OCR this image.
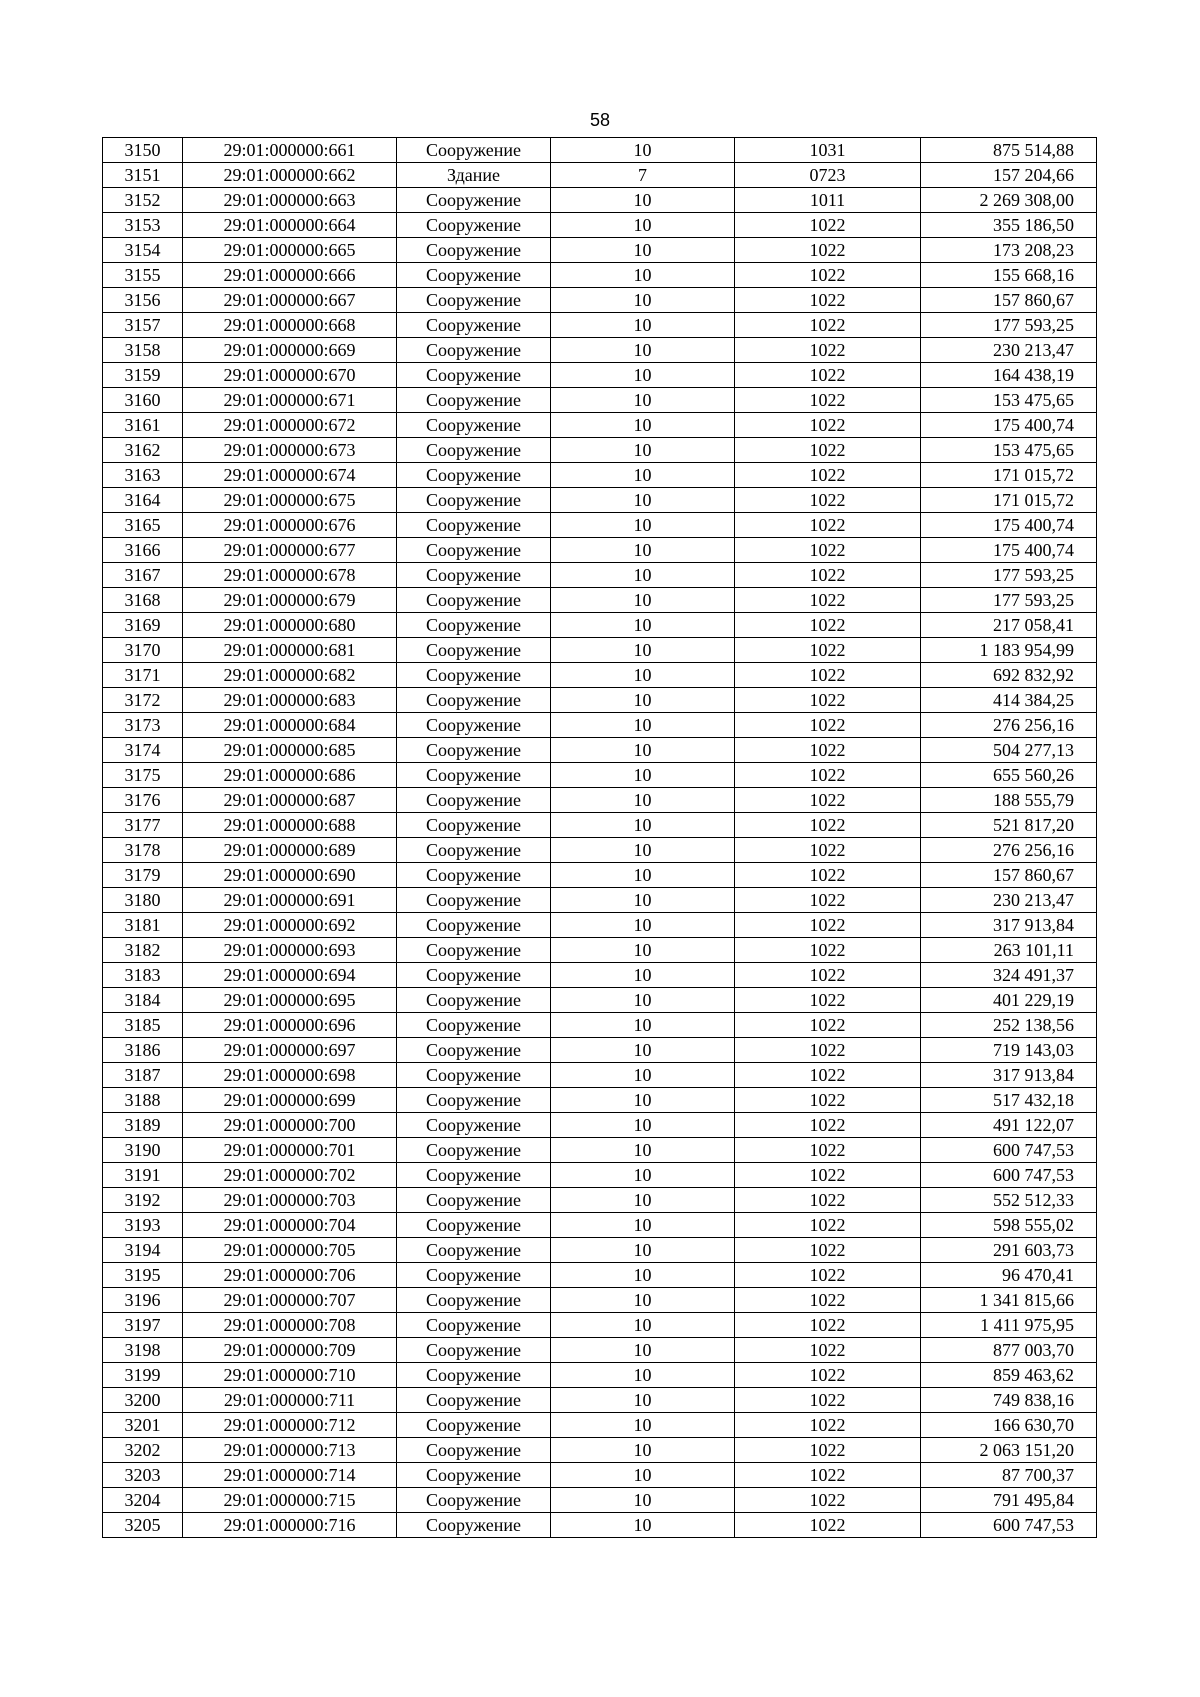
58
3150	29:01:000000:661	Сооружение	10	1031	875 514,88
3151	29:01:000000:662	Здание	7	0723	157 204,66
3152	29:01:000000:663	Сооружение	10	1011	2 269 308,00
3153	29:01:000000:664	Сооружение	10	1022	355 186,50
3154	29:01:000000:665	Сооружение	10	1022	173 208,23
3155	29:01:000000:666	Сооружение	10	1022	155 668,16
3156	29:01:000000:667	Сооружение	10	1022	157 860,67
3157	29:01:000000:668	Сооружение	10	1022	177 593,25
3158	29:01:000000:669	Сооружение	10	1022	230 213,47
3159	29:01:000000:670	Сооружение	10	1022	164 438,19
3160	29:01:000000:671	Сооружение	10	1022	153 475,65
3161	29:01:000000:672	Сооружение	10	1022	175 400,74
3162	29:01:000000:673	Сооружение	10	1022	153 475,65
3163	29:01:000000:674	Сооружение	10	1022	171 015,72
3164	29:01:000000:675	Сооружение	10	1022	171 015,72
3165	29:01:000000:676	Сооружение	10	1022	175 400,74
3166	29:01:000000:677	Сооружение	10	1022	175 400,74
3167	29:01:000000:678	Сооружение	10	1022	177 593,25
3168	29:01:000000:679	Сооружение	10	1022	177 593,25
3169	29:01:000000:680	Сооружение	10	1022	217 058,41
3170	29:01:000000:681	Сооружение	10	1022	1 183 954,99
3171	29:01:000000:682	Сооружение	10	1022	692 832,92
3172	29:01:000000:683	Сооружение	10	1022	414 384,25
3173	29:01:000000:684	Сооружение	10	1022	276 256,16
3174	29:01:000000:685	Сооружение	10	1022	504 277,13
3175	29:01:000000:686	Сооружение	10	1022	655 560,26
3176	29:01:000000:687	Сооружение	10	1022	188 555,79
3177	29:01:000000:688	Сооружение	10	1022	521 817,20
3178	29:01:000000:689	Сооружение	10	1022	276 256,16
3179	29:01:000000:690	Сооружение	10	1022	157 860,67
3180	29:01:000000:691	Сооружение	10	1022	230 213,47
3181	29:01:000000:692	Сооружение	10	1022	317 913,84
3182	29:01:000000:693	Сооружение	10	1022	263 101,11
3183	29:01:000000:694	Сооружение	10	1022	324 491,37
3184	29:01:000000:695	Сооружение	10	1022	401 229,19
3185	29:01:000000:696	Сооружение	10	1022	252 138,56
3186	29:01:000000:697	Сооружение	10	1022	719 143,03
3187	29:01:000000:698	Сооружение	10	1022	317 913,84
3188	29:01:000000:699	Сооружение	10	1022	517 432,18
3189	29:01:000000:700	Сооружение	10	1022	491 122,07
3190	29:01:000000:701	Сооружение	10	1022	600 747,53
3191	29:01:000000:702	Сооружение	10	1022	600 747,53
3192	29:01:000000:703	Сооружение	10	1022	552 512,33
3193	29:01:000000:704	Сооружение	10	1022	598 555,02
3194	29:01:000000:705	Сооружение	10	1022	291 603,73
3195	29:01:000000:706	Сооружение	10	1022	96 470,41
3196	29:01:000000:707	Сооружение	10	1022	1 341 815,66
3197	29:01:000000:708	Сооружение	10	1022	1 411 975,95
3198	29:01:000000:709	Сооружение	10	1022	877 003,70
3199	29:01:000000:710	Сооружение	10	1022	859 463,62
3200	29:01:000000:711	Сооружение	10	1022	749 838,16
3201	29:01:000000:712	Сооружение	10	1022	166 630,70
3202	29:01:000000:713	Сооружение	10	1022	2 063 151,20
3203	29:01:000000:714	Сооружение	10	1022	87 700,37
3204	29:01:000000:715	Сооружение	10	1022	791 495,84
3205	29:01:000000:716	Сооружение	10	1022	600 747,53
